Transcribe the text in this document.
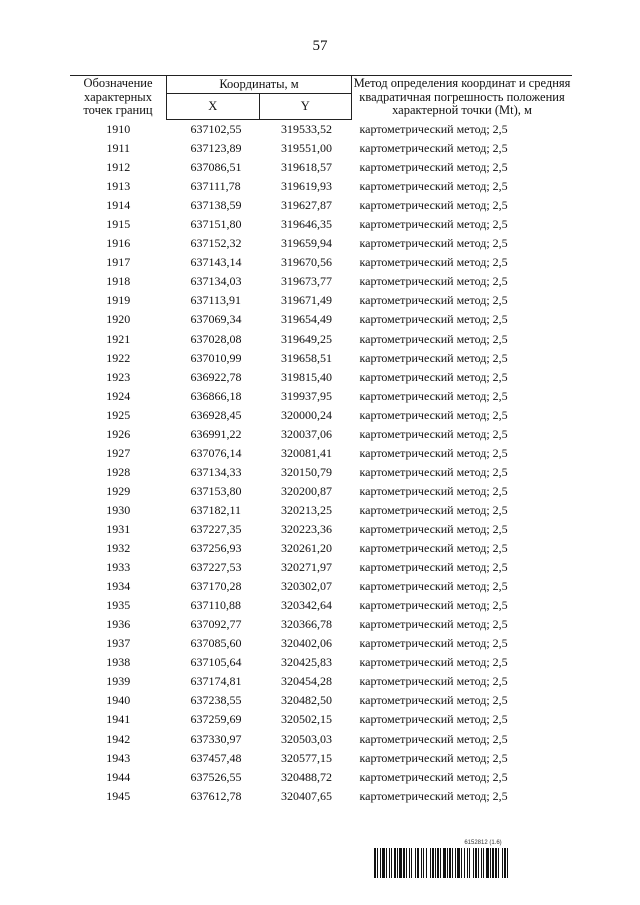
57
Обозначение характерных точек границ	Координаты, м		Метод определения координат и средняя квадратичная погрешность положения характерной точки (Mt), м
	X	Y	
1910	637102,55	319533,52	картометрический метод; 2,5
1911	637123,89	319551,00	картометрический метод; 2,5
1912	637086,51	319618,57	картометрический метод; 2,5
1913	637111,78	319619,93	картометрический метод; 2,5
1914	637138,59	319627,87	картометрический метод; 2,5
1915	637151,80	319646,35	картометрический метод; 2,5
1916	637152,32	319659,94	картометрический метод; 2,5
1917	637143,14	319670,56	картометрический метод; 2,5
1918	637134,03	319673,77	картометрический метод; 2,5
1919	637113,91	319671,49	картометрический метод; 2,5
1920	637069,34	319654,49	картометрический метод; 2,5
1921	637028,08	319649,25	картометрический метод; 2,5
1922	637010,99	319658,51	картометрический метод; 2,5
1923	636922,78	319815,40	картометрический метод; 2,5
1924	636866,18	319937,95	картометрический метод; 2,5
1925	636928,45	320000,24	картометрический метод; 2,5
1926	636991,22	320037,06	картометрический метод; 2,5
1927	637076,14	320081,41	картометрический метод; 2,5
1928	637134,33	320150,79	картометрический метод; 2,5
1929	637153,80	320200,87	картометрический метод; 2,5
1930	637182,11	320213,25	картометрический метод; 2,5
1931	637227,35	320223,36	картометрический метод; 2,5
1932	637256,93	320261,20	картометрический метод; 2,5
1933	637227,53	320271,97	картометрический метод; 2,5
1934	637170,28	320302,07	картометрический метод; 2,5
1935	637110,88	320342,64	картометрический метод; 2,5
1936	637092,77	320366,78	картометрический метод; 2,5
1937	637085,60	320402,06	картометрический метод; 2,5
1938	637105,64	320425,83	картометрический метод; 2,5
1939	637174,81	320454,28	картометрический метод; 2,5
1940	637238,55	320482,50	картометрический метод; 2,5
1941	637259,69	320502,15	картометрический метод; 2,5
1942	637330,97	320503,03	картометрический метод; 2,5
1943	637457,48	320577,15	картометрический метод; 2,5
1944	637526,55	320488,72	картометрический метод; 2,5
1945	637612,78	320407,65	картометрический метод; 2,5
6152812 (1.6)
